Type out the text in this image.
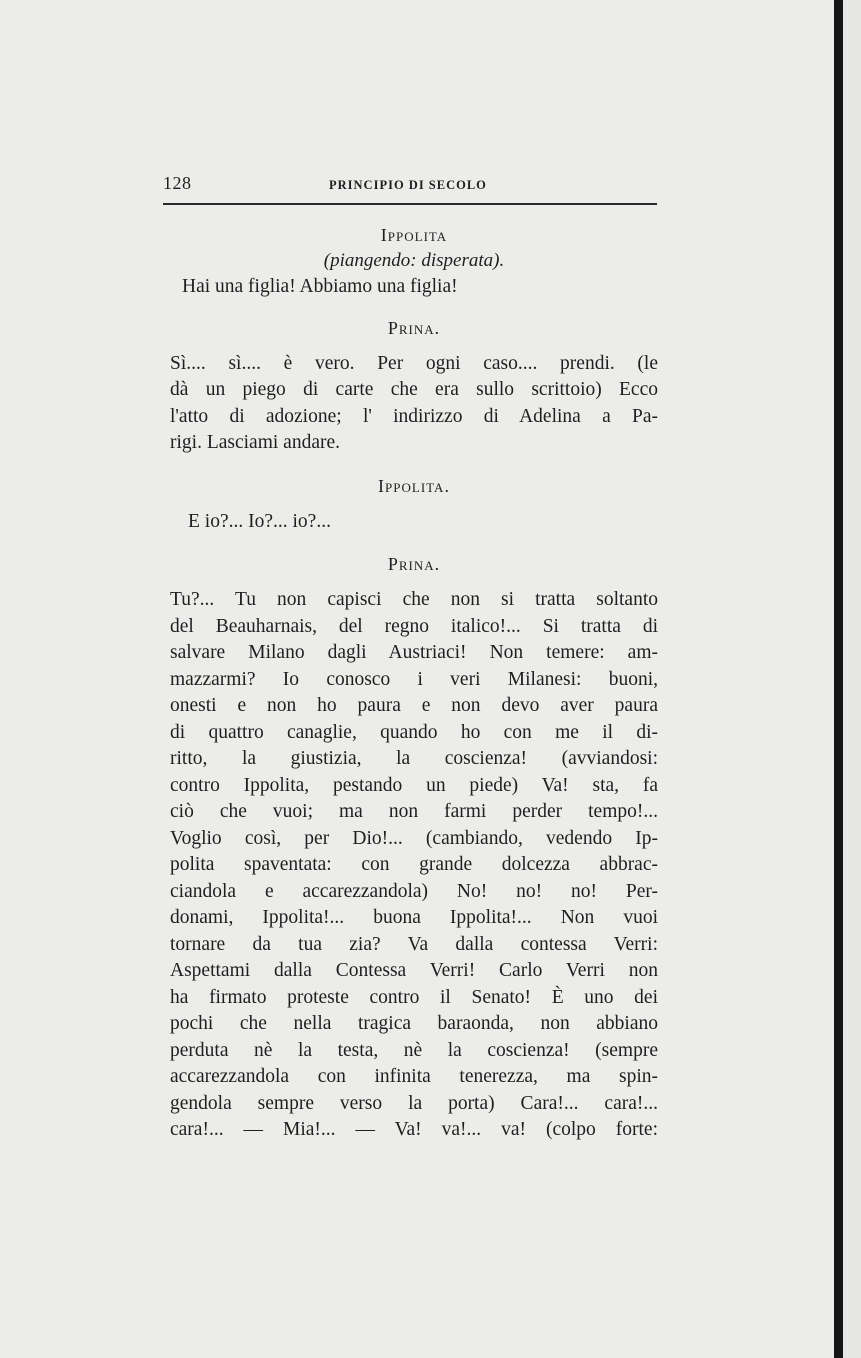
128	PRINCIPIO DI SECOLO

Ippolita

(piangendo: disperata).

Hai una figlia! Abbiamo una figlia!

Prina.

Sì.... sì.... è vero. Per ogni caso.... prendi. (le

dà un piego di carte che era sullo scrittoio) Ecco

l'atto di adozione; l' indirizzo di Adelina a Pa-

rigi. Lasciami andare.

Ippolita.

E io?... Io?... io?...

Prina.

Tu?... Tu non capisci che non si tratta soltanto

del Beauharnais, del regno italico!... Si tratta di

salvare Milano dagli Austriaci! Non temere: am-

mazzarmi? Io conosco i veri Milanesi: buoni,

onesti e non ho paura e non devo aver paura

di quattro canaglie, quando ho con me il di-

ritto, la giustizia, la coscienza! (avviandosi:

contro Ippolita, pestando un piede) Va! sta, fa

ciò che vuoi; ma non farmi perder tempo!...

Voglio così, per Dio!... (cambiando, vedendo Ip-

polita spaventata: con grande dolcezza abbrac-

ciandola e accarezzandola) No! no! no! Per-

donami, Ippolita!... buona Ippolita!... Non vuoi

tornare da tua zia? Va dalla contessa Verri:

Aspettami dalla Contessa Verri! Carlo Verri non

ha firmato proteste contro il Senato! È uno dei

pochi che nella tragica baraonda, non abbiano

perduta nè la testa, nè la coscienza! (sempre

accarezzandola con infinita tenerezza, ma spin-

gendola sempre verso la porta) Cara!... cara!...

cara!... — Mia!... — Va! va!... va! (colpo forte:
